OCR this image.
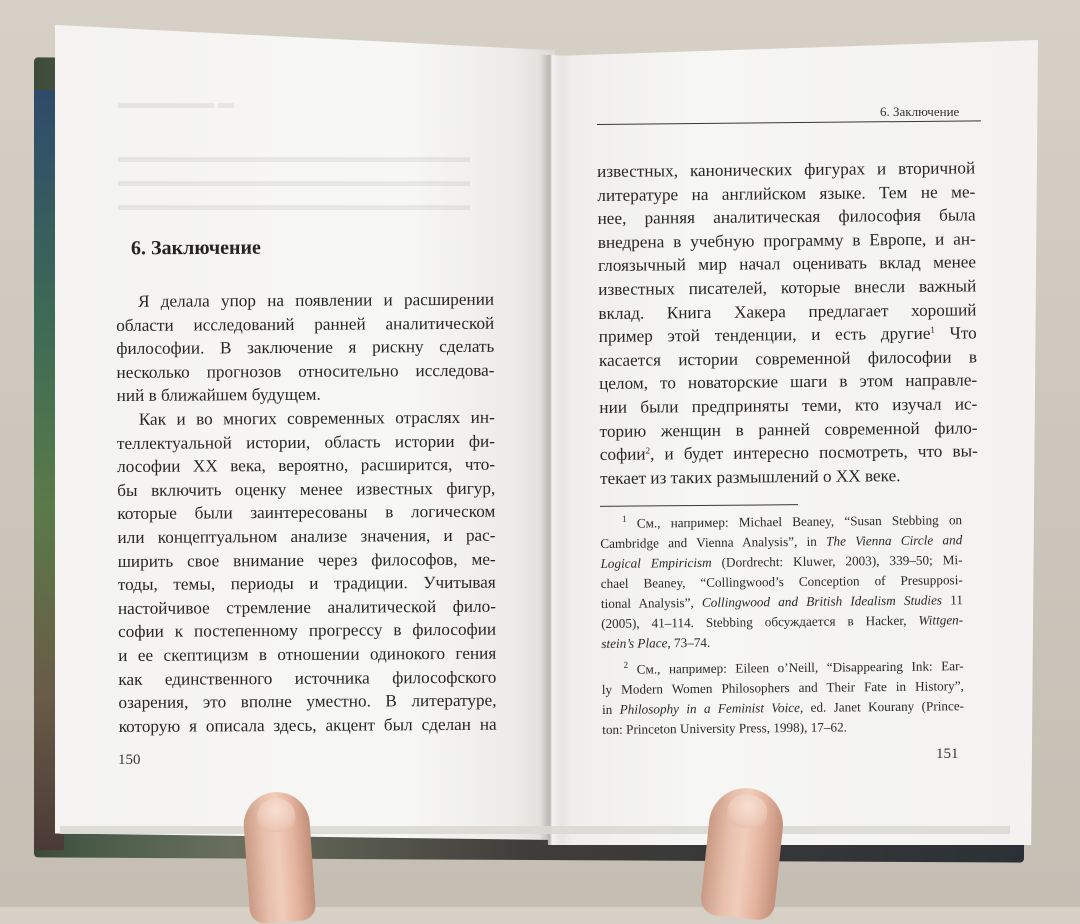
▬▬▬▬▬▬ ▬
▬▬▬▬▬▬▬▬▬▬▬▬▬▬▬▬▬▬▬▬▬▬
▬▬▬▬▬▬▬▬▬▬▬▬▬▬▬▬▬▬▬▬▬▬
▬▬▬▬▬▬▬▬▬▬▬▬▬▬▬▬▬▬▬▬▬▬
6. Заключение
Я делала упор на появлении и расширении
области исследований ранней аналитической
философии. В заключение я рискну сделать
несколько прогнозов относительно исследова-
ний в ближайшем будущем.
Как и во многих современных отраслях ин-
теллектуальной истории, область истории фи-
лософии XX века, вероятно, расширится, что-
бы включить оценку менее известных фигур,
которые были заинтересованы в логическом
или концептуальном анализе значения, и рас-
ширить свое внимание через философов, ме-
тоды, темы, периоды и традиции. Учитывая
настойчивое стремление аналитической фило-
софии к постепенному прогрессу в философии
и ее скептицизм в отношении одинокого гения
как единственного источника философского
озарения, это вполне уместно. В литературе,
которую я описала здесь, акцент был сделан на
150
6. Заключение
известных, канонических фигурах и вторичной
литературе на английском языке. Тем не ме-
нее, ранняя аналитическая философия была
внедрена в учебную программу в Европе, и ан-
глоязычный мир начал оценивать вклад менее
известных писателей, которые внесли важный
вклад. Книга Хакера предлагает хороший
пример этой тенденции, и есть другие$^1$ Что
касается истории современной философии в
целом, то новаторские шаги в этом направле-
нии были предприняты теми, кто изучал ис-
торию женщин в ранней современной фило-
софии$^2$, и будет интересно посмотреть, что вы-
текает из таких размышлений о XX веке.
$^1$ См., например: Michael Beaney, “Susan Stebbing on
Cambridge and Vienna Analysis”, in The Vienna Circle and
Logical Empiricism (Dordrecht: Kluwer, 2003), 339–50; Mi-
chael Beaney, “Collingwood’s Conception of Presupposi-
tional Analysis”, Collingwood and British Idealism Studies 11
(2005), 41–114. Stebbing обсуждается в Hacker, Wittgen-
stein’s Place, 73–74.
$^2$ См., например: Eileen o’Neill, “Disappearing Ink: Ear-
ly Modern Women Philosophers and Their Fate in History”,
in Philosophy in a Feminist Voice, ed. Janet Kourany (Prince-
ton: Princeton University Press, 1998), 17–62.
151
